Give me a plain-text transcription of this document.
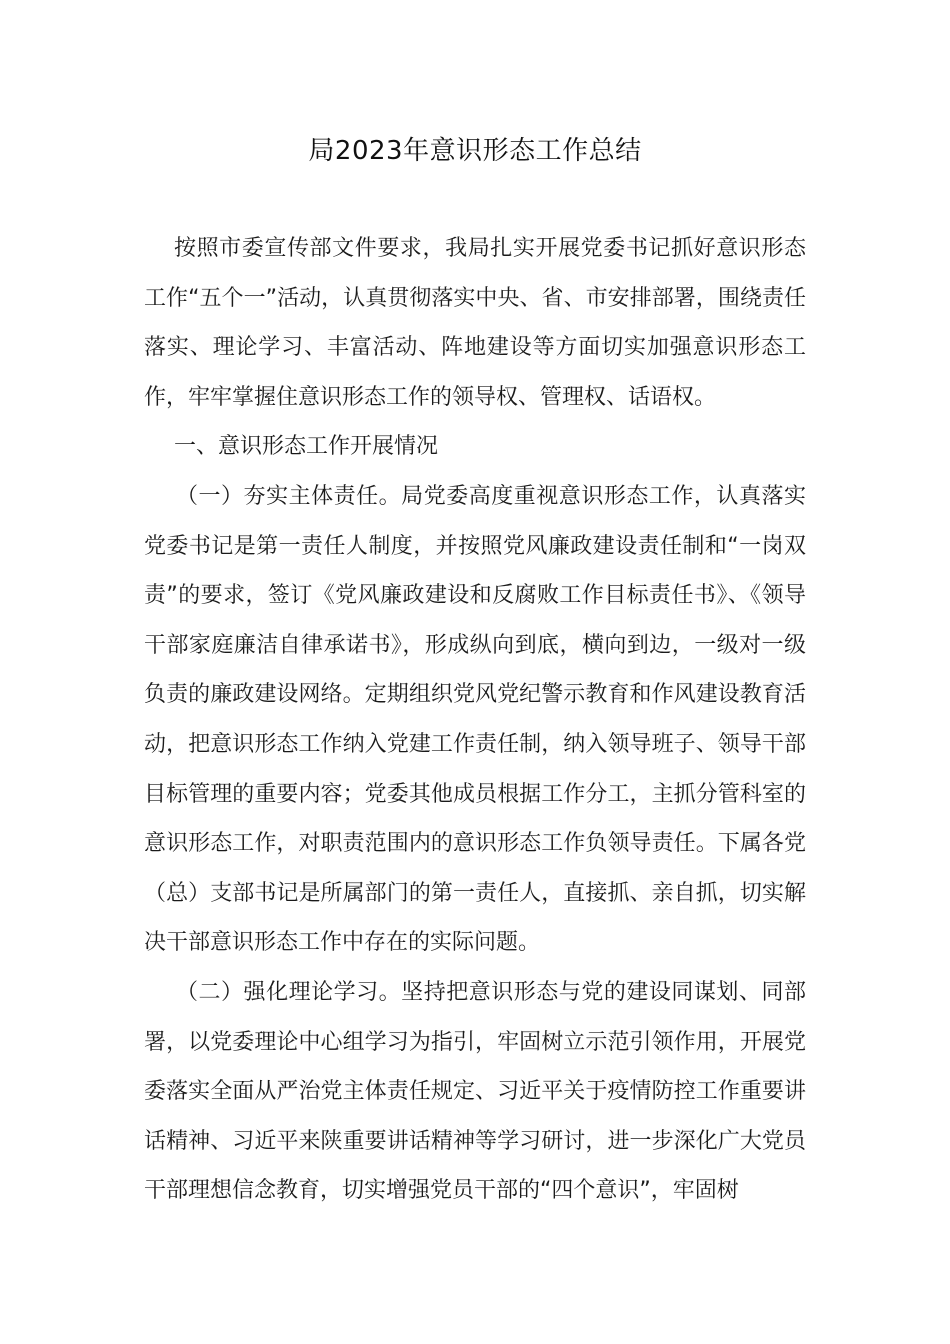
局2023年意识形态工作总结

按照市委宣传部文件要求，我局扎实开展党委书记抓好意识形态工作“五个一”活动，认真贯彻落实中央、省、市安排部署，围绕责任落实、理论学习、丰富活动、阵地建设等方面切实加强意识形态工作，牢牢掌握住意识形态工作的领导权、管理权、话语权。

一、意识形态工作开展情况

（一）夯实主体责任。局党委高度重视意识形态工作，认真落实党委书记是第一责任人制度，并按照党风廉政建设责任制和“一岗双责”的要求，签订《党风廉政建设和反腐败工作目标责任书》、《领导干部家庭廉洁自律承诺书》，形成纵向到底，横向到边，一级对一级负责的廉政建设网络。定期组织党风党纪警示教育和作风建设教育活动，把意识形态工作纳入党建工作责任制，纳入领导班子、领导干部目标管理的重要内容；党委其他成员根据工作分工，主抓分管科室的意识形态工作，对职责范围内的意识形态工作负领导责任。下属各党（总）支部书记是所属部门的第一责任人，直接抓、亲自抓，切实解决干部意识形态工作中存在的实际问题。

（二）强化理论学习。坚持把意识形态与党的建设同谋划、同部署，以党委理论中心组学习为指引，牢固树立示范引领作用，开展党委落实全面从严治党主体责任规定、习近平关于疫情防控工作重要讲话精神、习近平来陕重要讲话精神等学习研讨，进一步深化广大党员干部理想信念教育，切实增强党员干部的“四个意识”，牢固树
